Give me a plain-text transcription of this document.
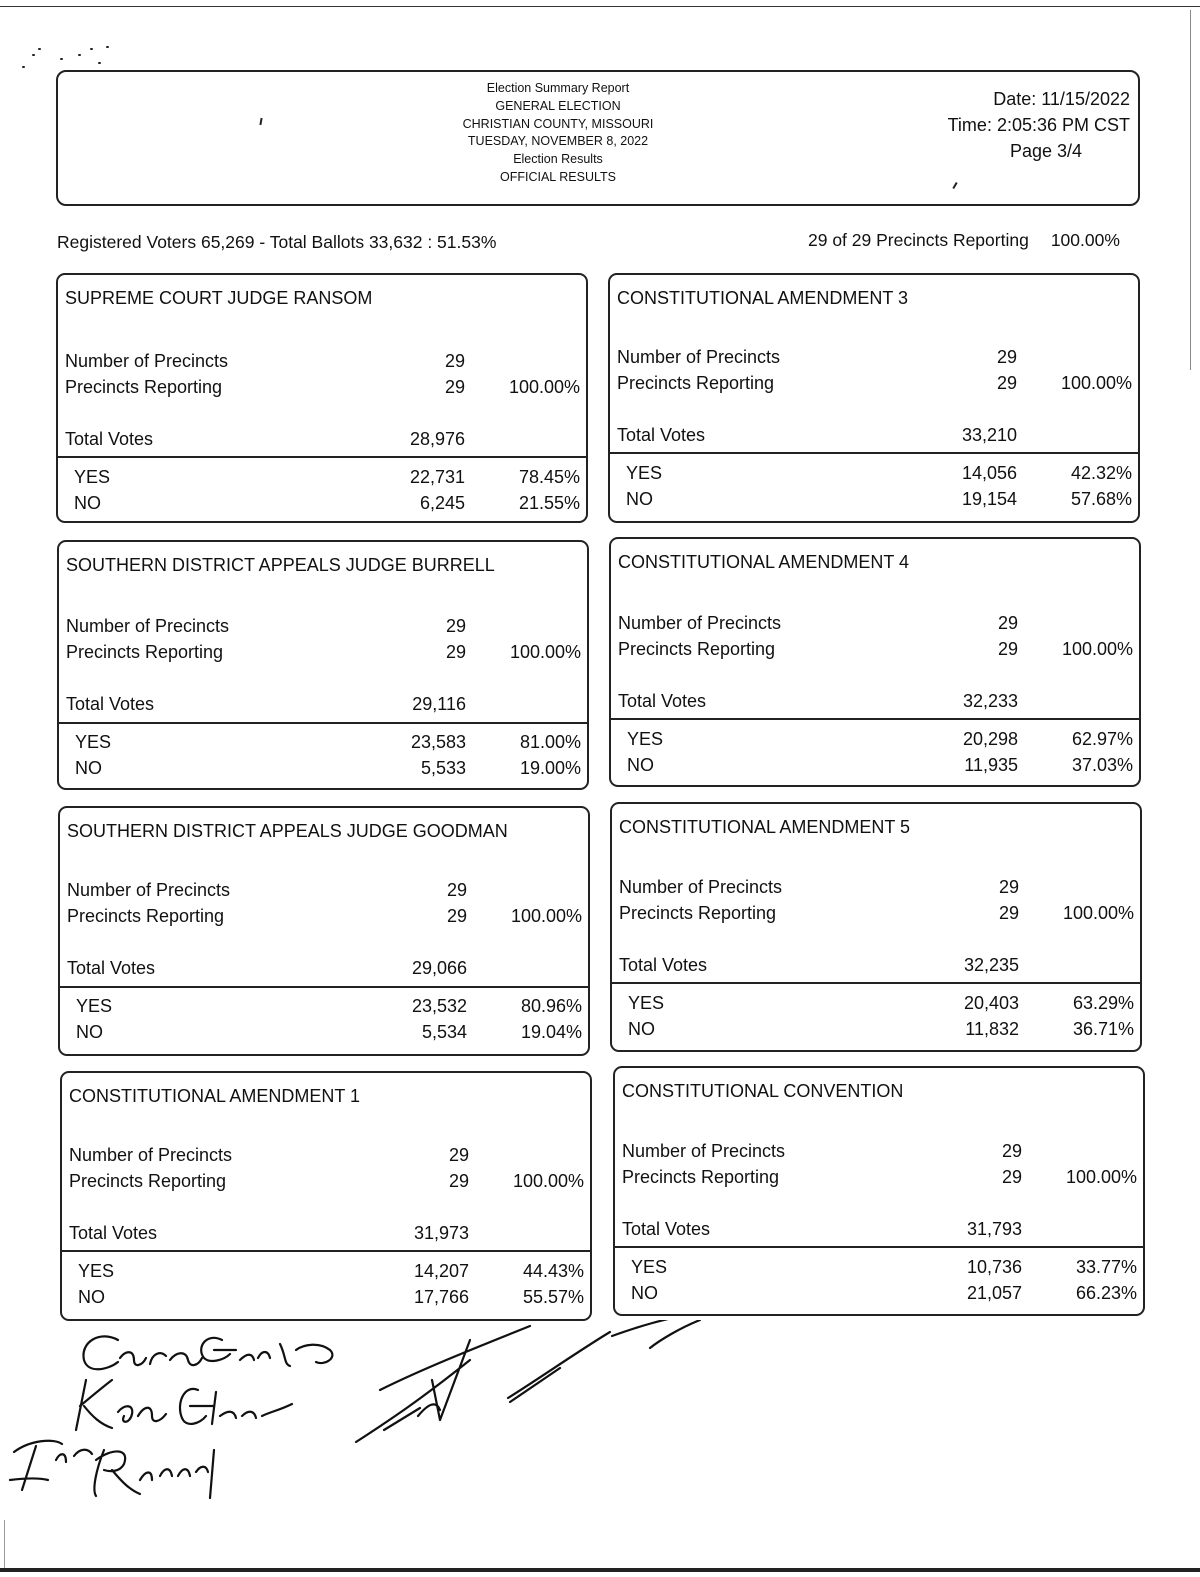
Election Summary Report
GENERAL ELECTION
CHRISTIAN COUNTY, MISSOURI
TUESDAY, NOVEMBER 8, 2022
Election Results
OFFICIAL RESULTS
Date: 11/15/2022
Time: 2:05:36 PM CST
Page 3/4
Registered Voters 65,269 - Total Ballots 33,632 : 51.53%	29 of 29 Precincts Reporting 100.00%
SUPREME COURT JUDGE RANSOM
Number of Precincts	29
Precincts Reporting	29 100.00%
Total Votes	28,976
YES	22,731	78.45%
NO	6,245	21.55%
CONSTITUTIONAL AMENDMENT 3
Number of Precincts	29
Precincts Reporting	29 100.00%
Total Votes	33,210
YES	14,056	42.32%
NO	19,154	57.68%
SOUTHERN DISTRICT APPEALS JUDGE BURRELL
Number of Precincts	29
Precincts Reporting	29 100.00%
Total Votes	29,116
YES	23,583	81.00%
NO	5,533	19.00%
CONSTITUTIONAL AMENDMENT 4
Number of Precincts	29
Precincts Reporting	29 100.00%
Total Votes	32,233
YES	20,298	62.97%
NO	11,935	37.03%
SOUTHERN DISTRICT APPEALS JUDGE GOODMAN
Number of Precincts	29
Precincts Reporting	29 100.00%
Total Votes	29,066
YES	23,532	80.96%
NO	5,534	19.04%
CONSTITUTIONAL AMENDMENT 5
Number of Precincts	29
Precincts Reporting	29 100.00%
Total Votes	32,235
YES	20,403	63.29%
NO	11,832	36.71%
CONSTITUTIONAL AMENDMENT 1
Number of Precincts	29
Precincts Reporting	29 100.00%
Total Votes	31,973
YES	14,207	44.43%
NO	17,766	55.57%
CONSTITUTIONAL CONVENTION
Number of Precincts	29
Precincts Reporting	29 100.00%
Total Votes	31,793
YES	10,736	33.77%
NO	21,057	66.23%
